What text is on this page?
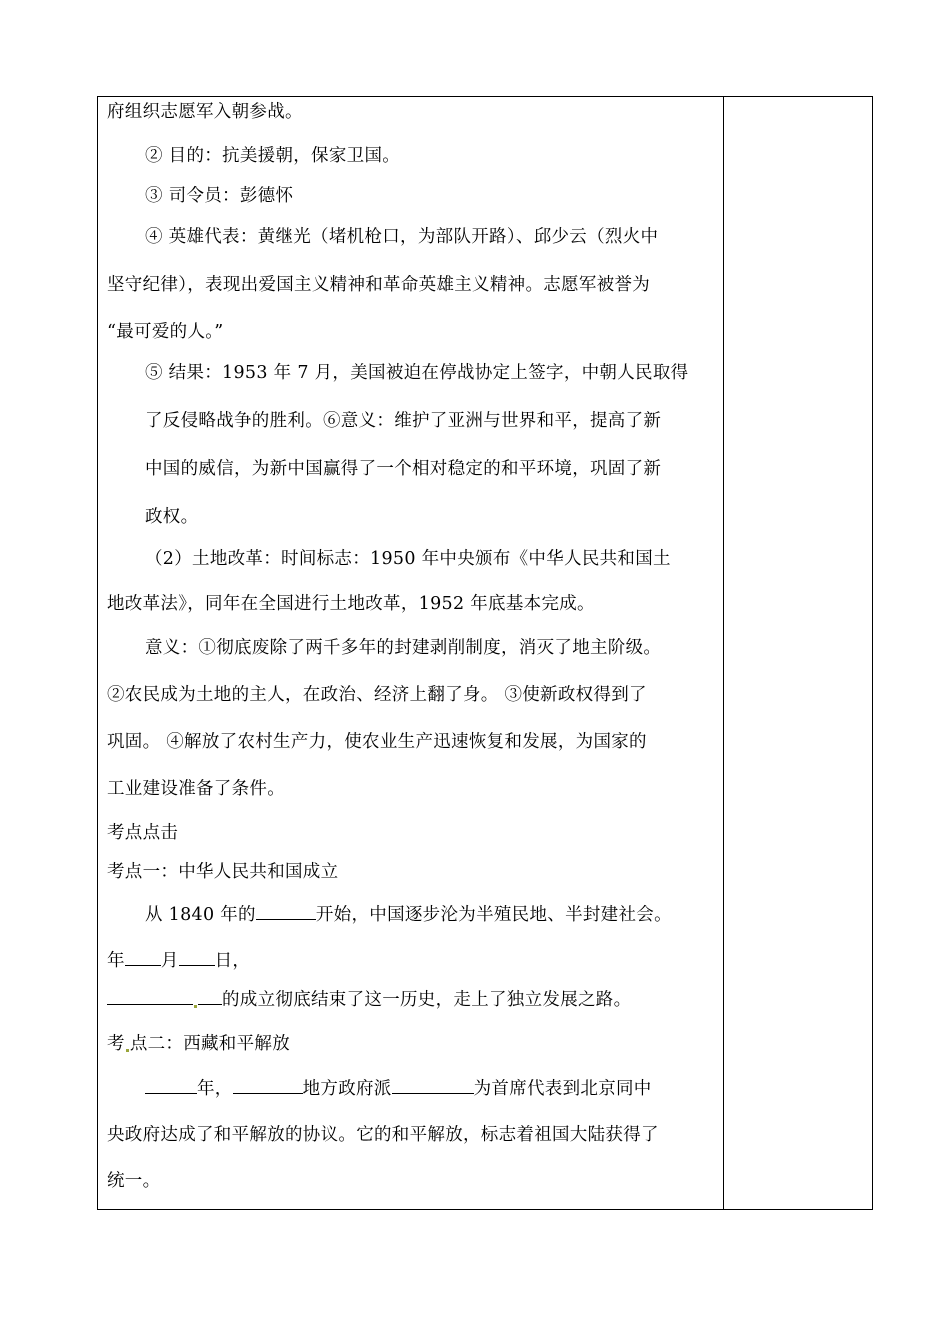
府组织志愿军入朝参战。
② 目的：抗美援朝，保家卫国。
③ 司令员：彭德怀
④ 英雄代表：黄继光（堵机枪口，为部队开路）、邱少云（烈火中
坚守纪律），表现出爱国主义精神和革命英雄主义精神。志愿军被誉为
“最可爱的人。”
⑤ 结果：1953 年 7 月，美国被迫在停战协定上签字，中朝人民取得
了反侵略战争的胜利。⑥意义：维护了亚洲与世界和平，提高了新
中国的威信，为新中国赢得了一个相对稳定的和平环境，巩固了新
政权。
（2）土地改革：时间标志：1950 年中央颁布《中华人民共和国土
地改革法》，同年在全国进行土地改革，1952 年底基本完成。
意义：①彻底废除了两千多年的封建剥削制度，消灭了地主阶级。
②农民成为土地的主人，在政治、经济上翻了身。 ③使新政权得到了
巩固。 ④解放了农村生产力，使农业生产迅速恢复和发展，为国家的
工业建设准备了条件。
考点点击
考点一：中华人民共和国成立
从 1840 年的	开始，中国逐步沦为半殖民地、半封建社会。
年 月 日，
的成立彻底结束了这一历史，走上了独立发展之路。
考 点二：西藏和平解放
年，	地方政府派	为首席代表到北京同中
央政府达成了和平解放的协议。它的和平解放，标志着祖国大陆获得了
统一。
